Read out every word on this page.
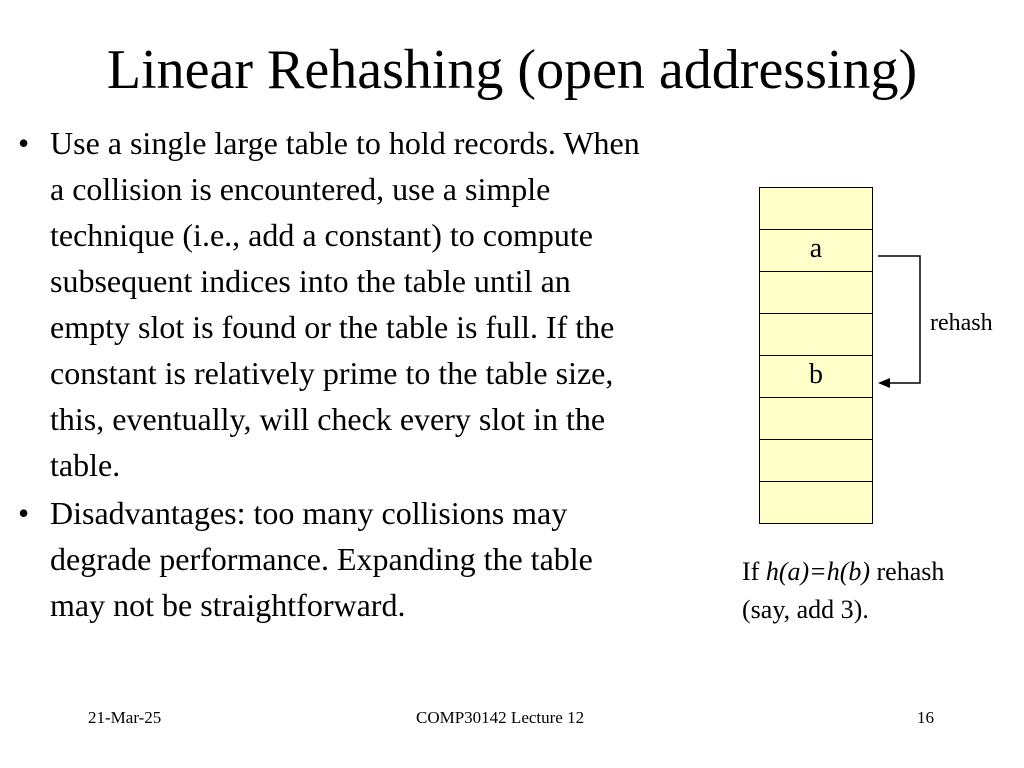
Linear Rehashing (open addressing)
• Use a single large table to hold records. When a collision is encountered, use a simple technique (i.e., add a constant) to compute subsequent indices into the table until an empty slot is found or the table is full. If the constant is relatively prime to the table size, this, eventually, will check every slot in the table.
• Disadvantages: too many collisions may degrade performance. Expanding the table may not be straightforward.
a
b
rehash
If h(a)=h(b) rehash
(say, add 3).
21-Mar-25	COMP30142 Lecture 12	16
